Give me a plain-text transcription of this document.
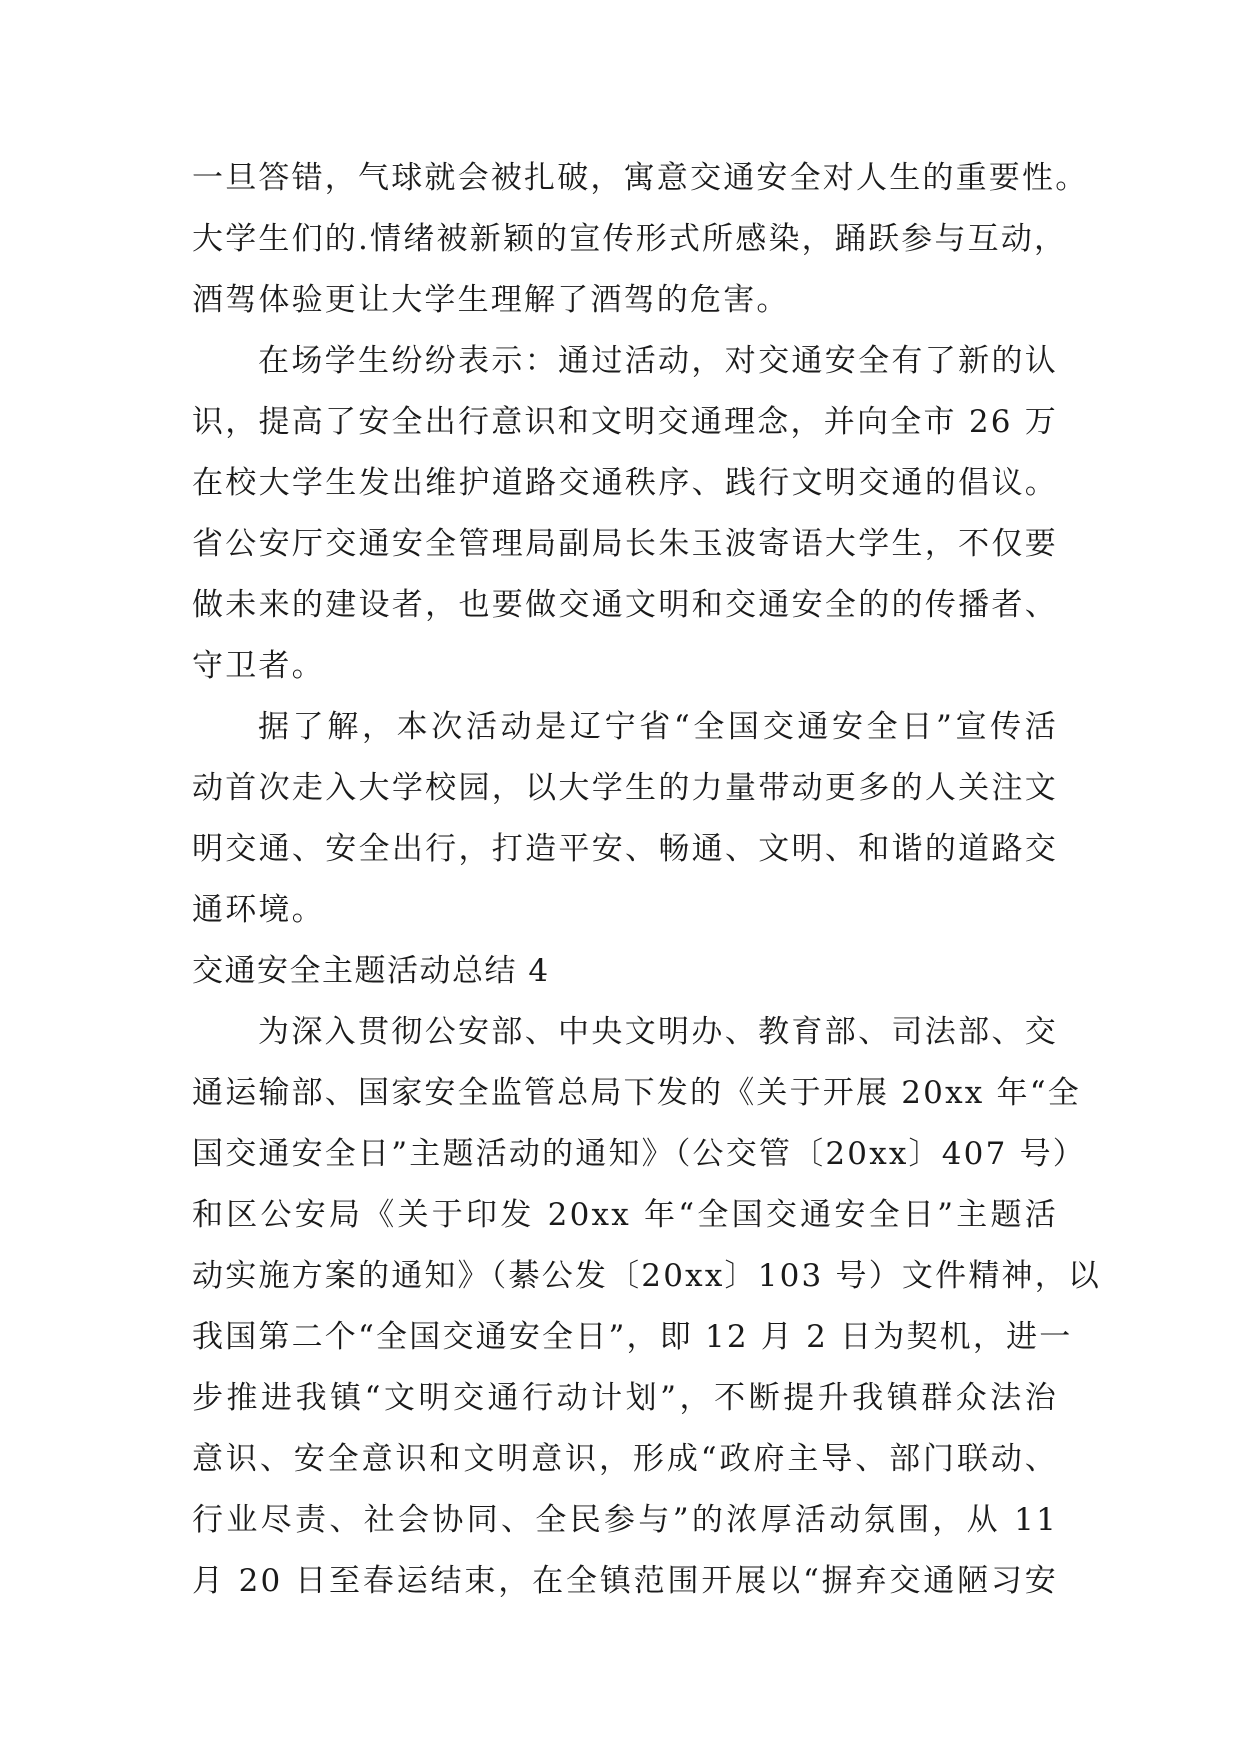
一旦答错，气球就会被扎破，寓意交通安全对人生的重要性。
大学生们的.情绪被新颖的宣传形式所感染，踊跃参与互动，
酒驾体验更让大学生理解了酒驾的危害。
在场学生纷纷表示：通过活动，对交通安全有了新的认
识，提高了安全出行意识和文明交通理念，并向全市 26 万
在校大学生发出维护道路交通秩序、践行文明交通的倡议。
省公安厅交通安全管理局副局长朱玉波寄语大学生，不仅要
做未来的建设者，也要做交通文明和交通安全的的传播者、
守卫者。
据了解，本次活动是辽宁省“全国交通安全日”宣传活
动首次走入大学校园，以大学生的力量带动更多的人关注文
明交通、安全出行，打造平安、畅通、文明、和谐的道路交
通环境。
交通安全主题活动总结 4
为深入贯彻公安部、中央文明办、教育部、司法部、交
通运输部、国家安全监管总局下发的《关于开展 20xx 年“全
国交通安全日”主题活动的通知》（公交管〔20xx〕407 号）
和区公安局《关于印发 20xx 年“全国交通安全日”主题活
动实施方案的通知》（綦公发〔20xx〕103 号）文件精神，以
我国第二个“全国交通安全日”，即 12 月 2 日为契机，进一
步推进我镇“文明交通行动计划”，不断提升我镇群众法治
意识、安全意识和文明意识，形成“政府主导、部门联动、
行业尽责、社会协同、全民参与”的浓厚活动氛围，从 11
月 20 日至春运结束，在全镇范围开展以“摒弃交通陋习安
